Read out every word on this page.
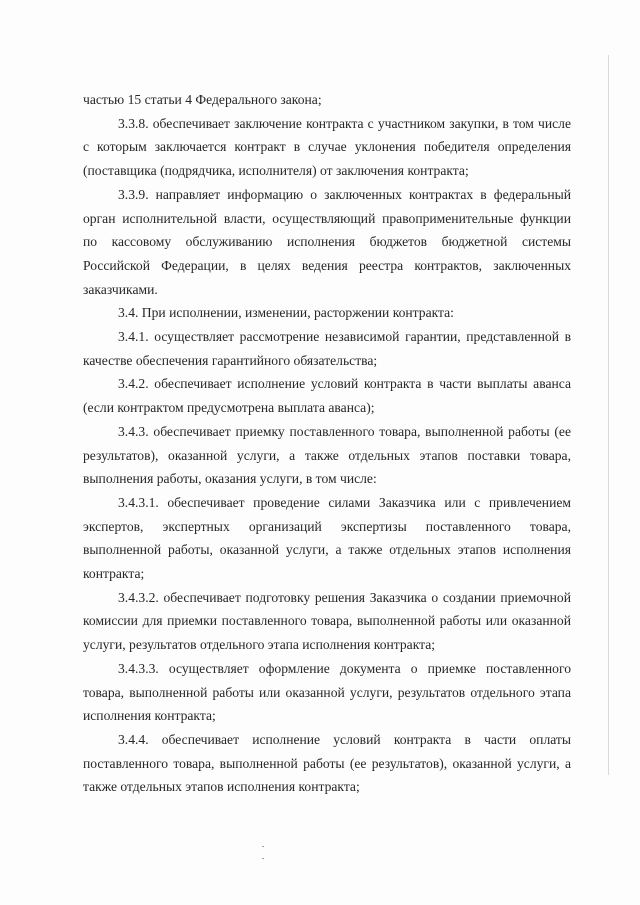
частью 15 статьи 4 Федерального закона;

3.3.8. обеспечивает заключение контракта с участником закупки, в том числе с которым заключается контракт в случае уклонения победителя определения (поставщика (подрядчика, исполнителя) от заключения контракта;

3.3.9. направляет информацию о заключенных контрактах в федеральный орган исполнительной власти, осуществляющий правоприменительные функции по кассовому обслуживанию исполнения бюджетов бюджетной системы Российской Федерации, в целях ведения реестра контрактов, заключенных заказчиками.

3.4. При исполнении, изменении, расторжении контракта:

3.4.1. осуществляет рассмотрение независимой гарантии, представленной в качестве обеспечения гарантийного обязательства;

3.4.2. обеспечивает исполнение условий контракта в части выплаты аванса (если контрактом предусмотрена выплата аванса);

3.4.3. обеспечивает приемку поставленного товара, выполненной работы (ее результатов), оказанной услуги, а также отдельных этапов поставки товара, выполнения работы, оказания услуги, в том числе:

3.4.3.1. обеспечивает проведение силами Заказчика или с привлечением экспертов, экспертных организаций экспертизы поставленного товара, выполненной работы, оказанной услуги, а также отдельных этапов исполнения контракта;

3.4.3.2. обеспечивает подготовку решения Заказчика о создании приемочной комиссии для приемки поставленного товара, выполненной работы или оказанной услуги, результатов отдельного этапа исполнения контракта;

3.4.3.3. осуществляет оформление документа о приемке поставленного товара, выполненной работы или оказанной услуги, результатов отдельного этапа исполнения контракта;

3.4.4. обеспечивает исполнение условий контракта в части оплаты поставленного товара, выполненной работы (ее результатов), оказанной услуги, а также отдельных этапов исполнения контракта;
